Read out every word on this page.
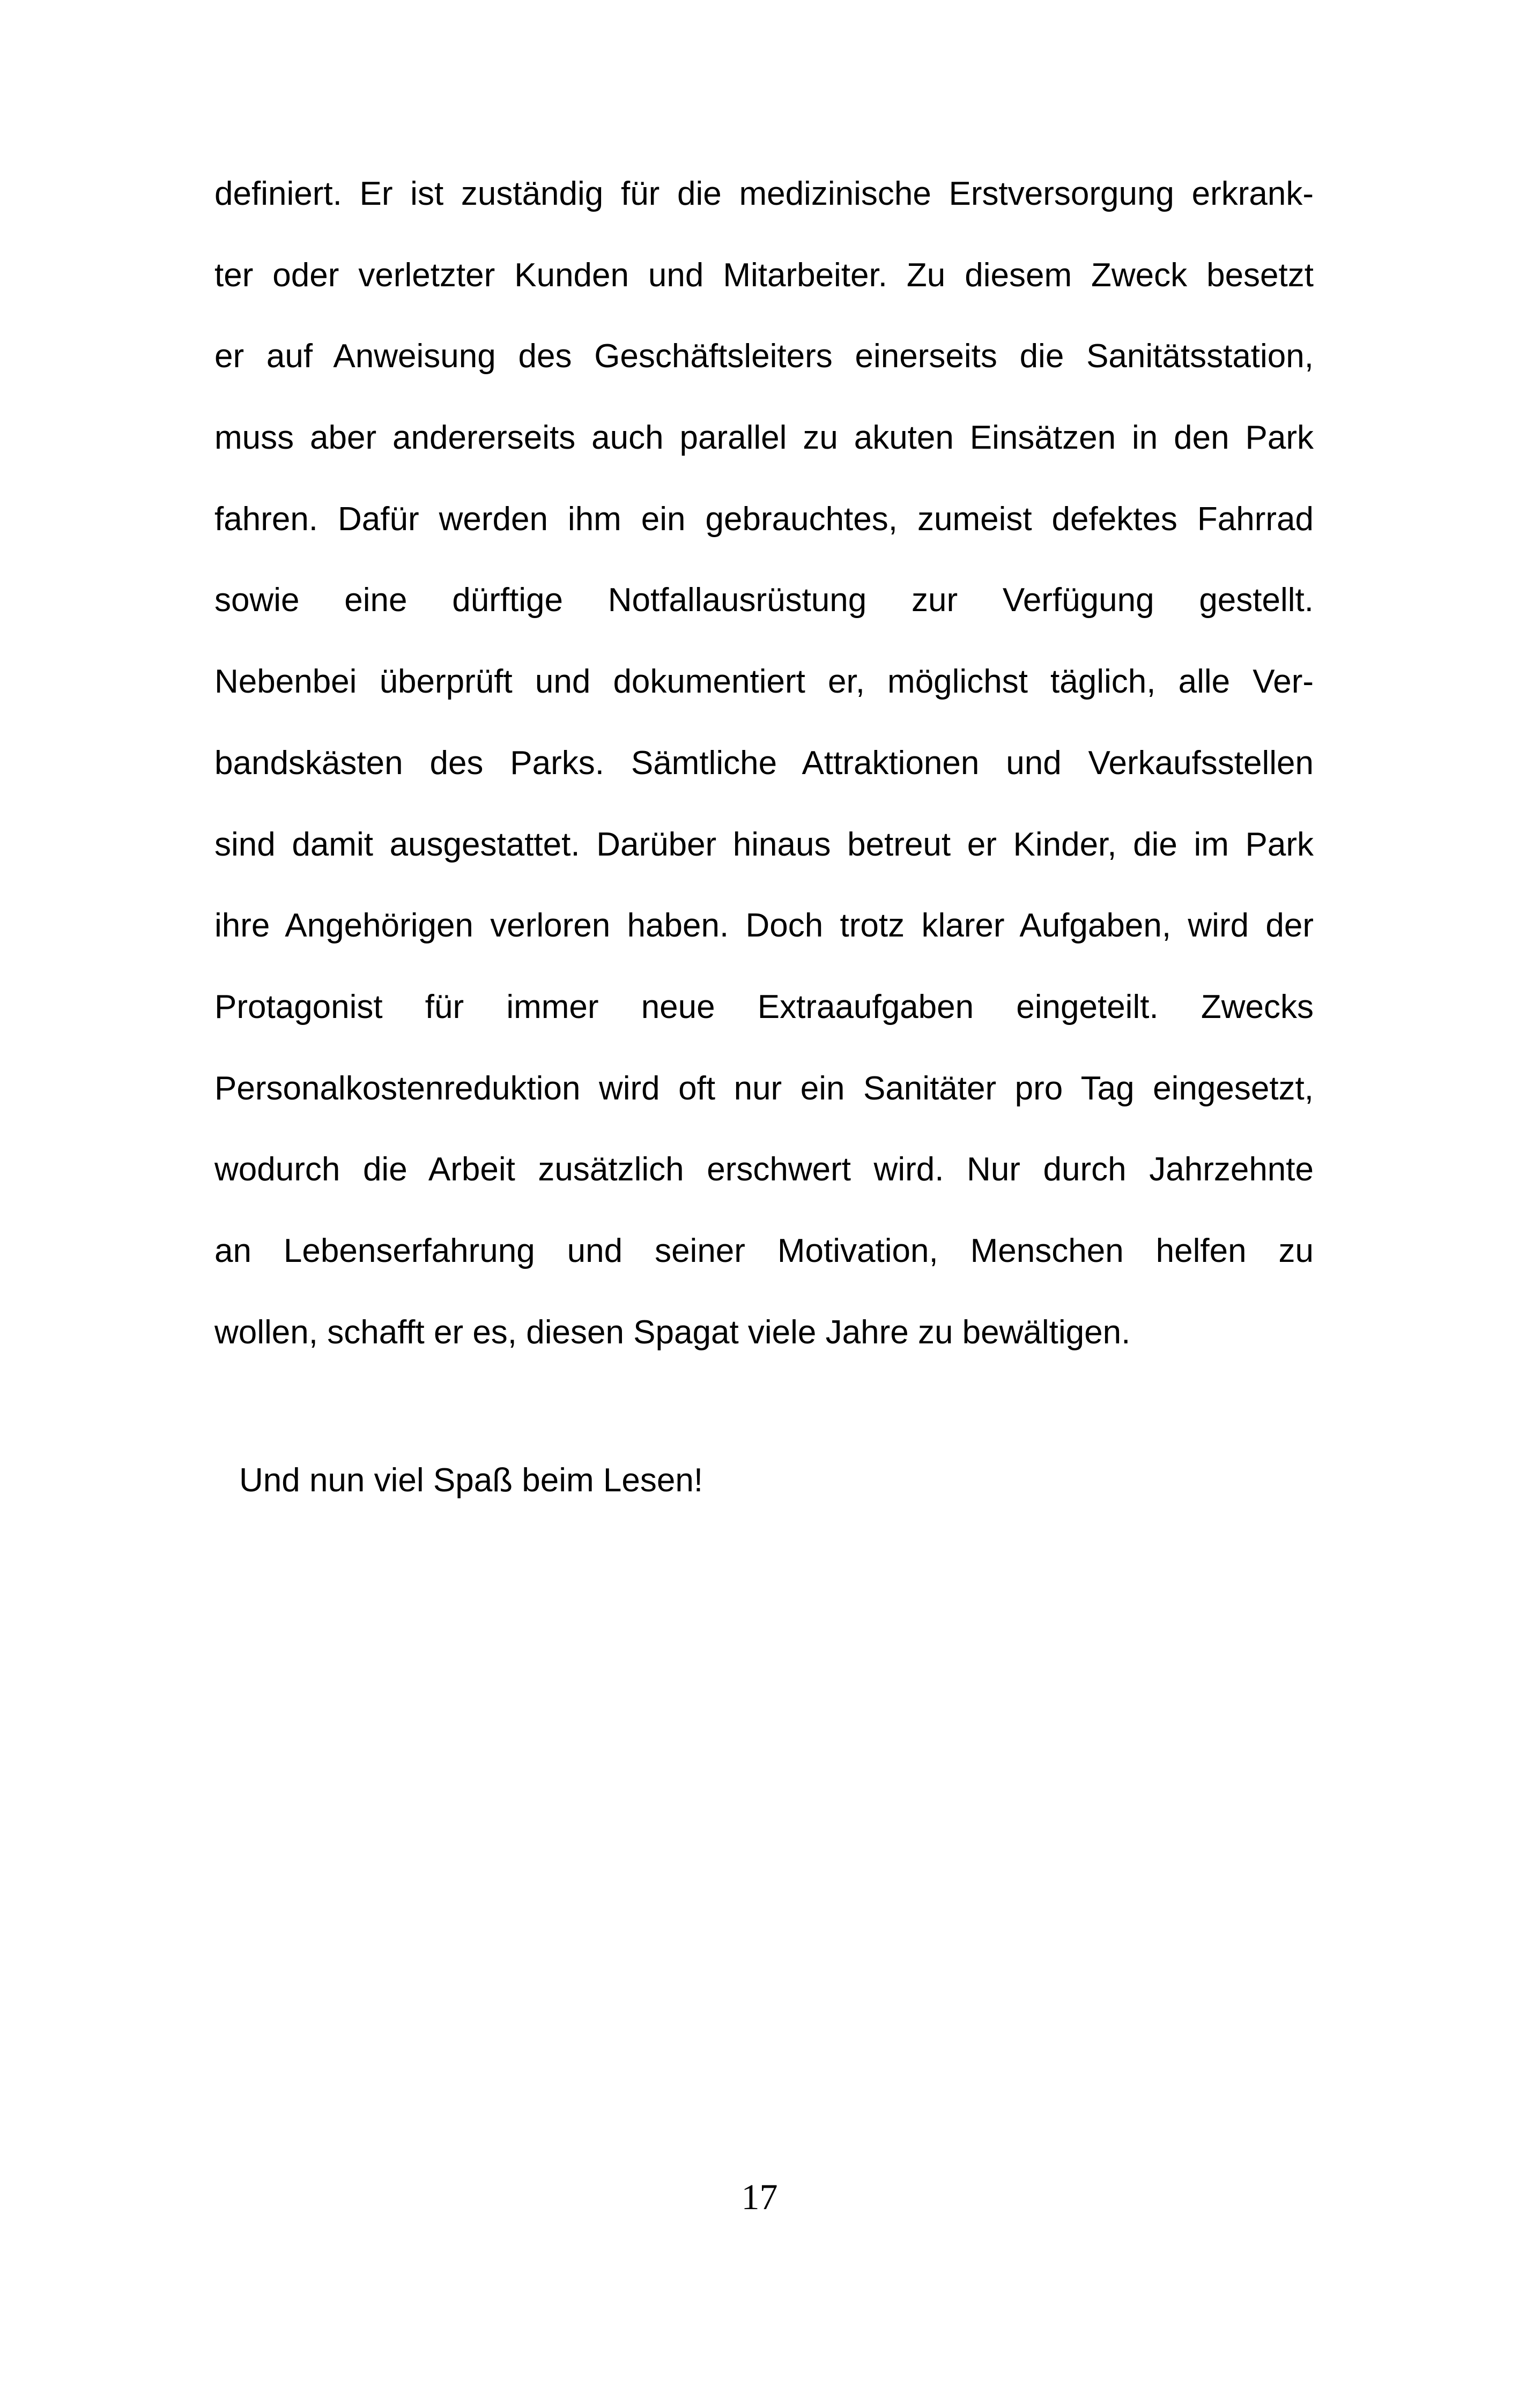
definiert. Er ist zuständig für die medizinische Erstversorgung erkrank-
ter oder verletzter Kunden und Mitarbeiter. Zu diesem Zweck besetzt
er auf Anweisung des Geschäftsleiters einerseits die Sanitätsstation,
muss aber andererseits auch parallel zu akuten Einsätzen in den Park
fahren. Dafür werden ihm ein gebrauchtes, zumeist defektes Fahrrad
sowie eine dürftige Notfallausrüstung zur Verfügung gestellt.
Nebenbei überprüft und dokumentiert er, möglichst täglich, alle Ver-
bandskästen des Parks. Sämtliche Attraktionen und Verkaufsstellen
sind damit ausgestattet. Darüber hinaus betreut er Kinder, die im Park
ihre Angehörigen verloren haben. Doch trotz klarer Aufgaben, wird der
Protagonist für immer neue Extraaufgaben eingeteilt. Zwecks
Personalkostenreduktion wird oft nur ein Sanitäter pro Tag eingesetzt,
wodurch die Arbeit zusätzlich erschwert wird. Nur durch Jahrzehnte
an Lebenserfahrung und seiner Motivation, Menschen helfen zu
wollen, schafft er es, diesen Spagat viele Jahre zu bewältigen.

Und nun viel Spaß beim Lesen!

17
